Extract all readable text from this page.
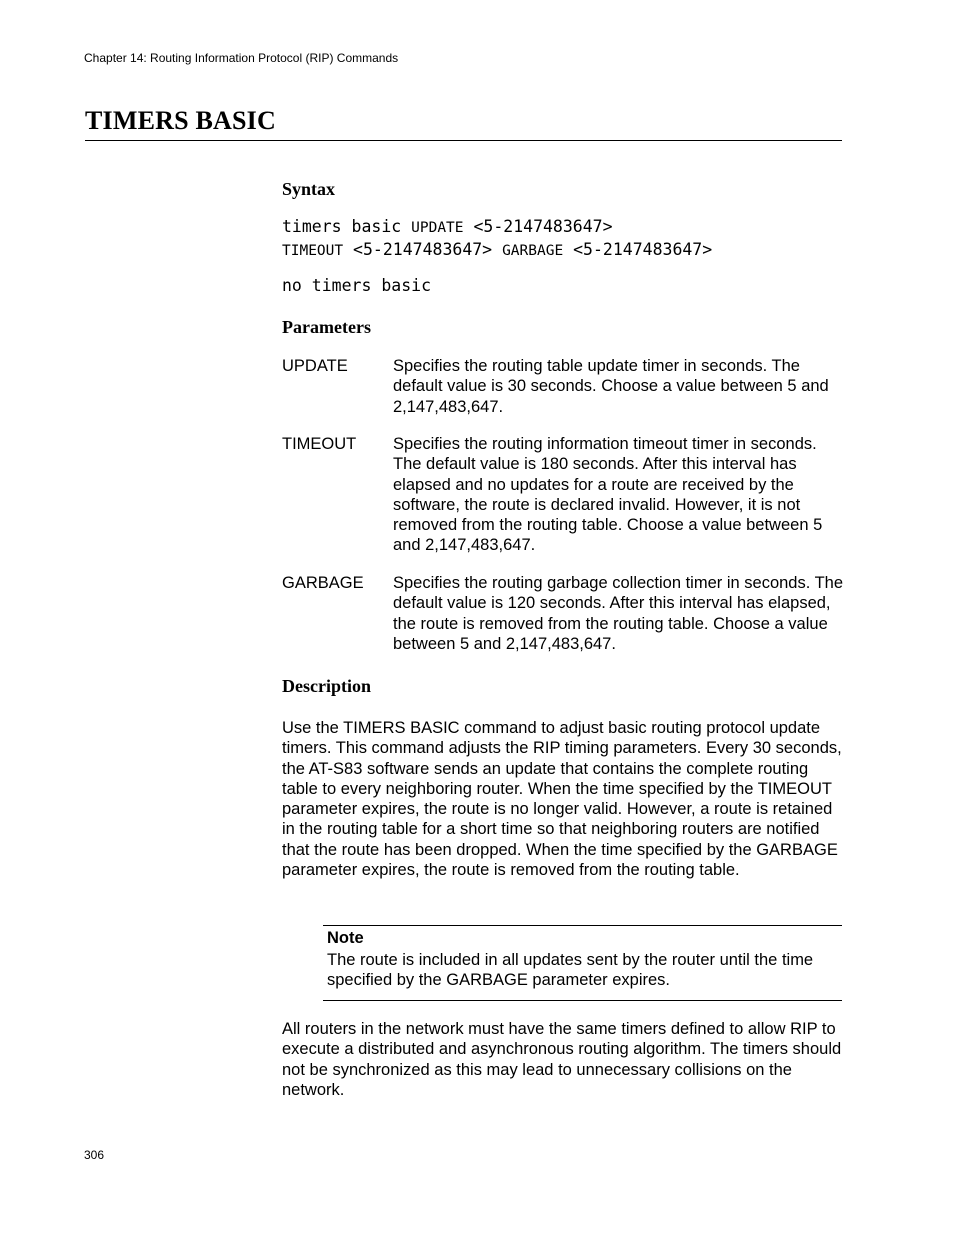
Chapter 14: Routing Information Protocol (RIP) Commands
TIMERS BASIC
Syntax
timers basic UPDATE <5-2147483647>
TIMEOUT <5-2147483647> GARBAGE <5-2147483647>
no timers basic
Parameters
UPDATE	Specifies the routing table update timer in seconds. The default value is 30 seconds. Choose a value between 5 and 2,147,483,647.
TIMEOUT Specifies the routing information timeout timer in seconds. The default value is 180 seconds. After this interval has elapsed and no updates for a route are received by the software, the route is declared invalid. However, it is not removed from the routing table. Choose a value between 5 and 2,147,483,647.
GARBAGE Specifies the routing garbage collection timer in seconds. The default value is 120 seconds. After this interval has elapsed, the route is removed from the routing table. Choose a value between 5 and 2,147,483,647.
Description
Use the TIMERS BASIC command to adjust basic routing protocol update timers. This command adjusts the RIP timing parameters. Every 30 seconds, the AT-S83 software sends an update that contains the complete routing table to every neighboring router. When the time specified by the TIMEOUT parameter expires, the route is no longer valid. However, a route is retained in the routing table for a short time so that neighboring routers are notified that the route has been dropped. When the time specified by the GARBAGE parameter expires, the route is removed from the routing table.
Note
The route is included in all updates sent by the router until the time specified by the GARBAGE parameter expires.
All routers in the network must have the same timers defined to allow RIP to execute a distributed and asynchronous routing algorithm. The timers should not be synchronized as this may lead to unnecessary collisions on the network.
306
